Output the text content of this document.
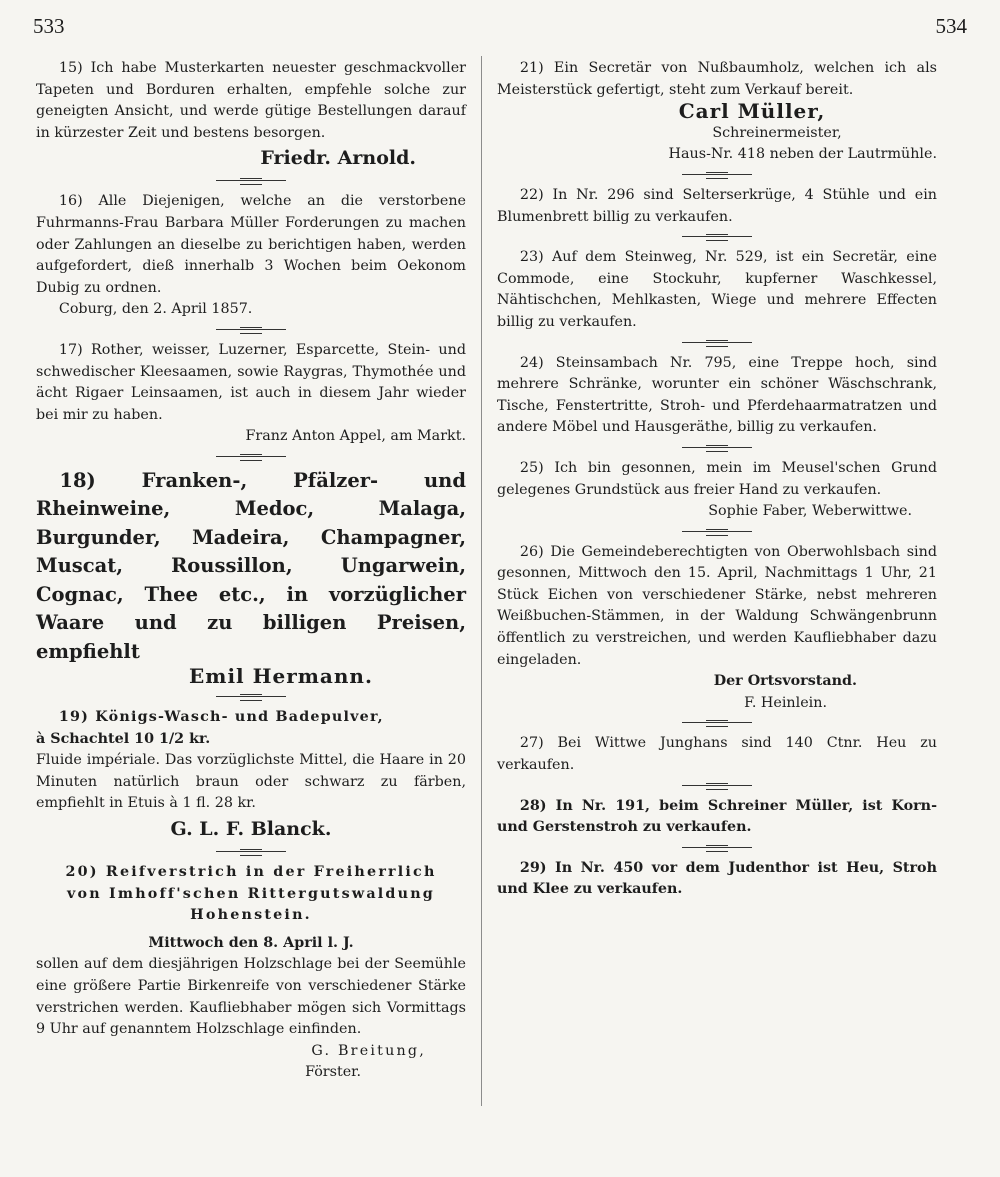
533	534

15) Ich habe Musterkarten neuester geschmackvoller Tapeten und Borduren erhalten, empfehle solche zur geneigten Ansicht, und werde gütige Bestellungen darauf in kürzester Zeit und bestens besorgen.

Friedr. Arnold.

16) Alle Diejenigen, welche an die verstorbene Fuhrmanns-Frau Barbara Müller Forderungen zu machen oder Zahlungen an dieselbe zu berichtigen haben, werden aufgefordert, dieß innerhalb 3 Wochen beim Oekonom Dubig zu ordnen.

Coburg, den 2. April 1857.

17) Rother, weisser, Luzerner, Esparcette, Stein- und schwedischer Kleesaamen, sowie Raygras, Thymothée und ächt Rigaer Leinsaamen, ist auch in diesem Jahr wieder bei mir zu haben.

Franz Anton Appel, am Markt.

18) Franken-, Pfälzer- und Rheinweine, Medoc, Malaga, Burgunder, Madeira, Champagner, Muscat, Roussillon, Ungarwein, Cognac, Thee etc., in vorzüglicher Waare und zu billigen Preisen, empfiehlt

Emil Hermann.

19) Königs-Wasch- und Badepulver,

à Schachtel 10 1/2 kr.

Fluide impériale. Das vorzüglichste Mittel, die Haare in 20 Minuten natürlich braun oder schwarz zu färben, empfiehlt in Etuis à 1 fl. 28 kr.

G. L. F. Blanck.
20) Reifverstrich in der Freiherrlich
von Imhoff'schen Rittergutswaldung
Hohenstein.
Mittwoch den 8. April l. J.

sollen auf dem diesjährigen Holzschlage bei der Seemühle eine größere Partie Birkenreife von verschiedener Stärke verstrichen werden. Kaufliebhaber mögen sich Vormittags 9 Uhr auf genanntem Holzschlage einfinden.

G. Breitung,
Förster.

21) Ein Secretär von Nußbaumholz, welchen ich als Meisterstück gefertigt, steht zum Verkauf bereit.

Carl Müller,
Schreinermeister,
Haus-Nr. 418 neben der Lautrmühle.

22) In Nr. 296 sind Selterserkrüge, 4 Stühle und ein Blumenbrett billig zu verkaufen.

23) Auf dem Steinweg, Nr. 529, ist ein Secretär, eine Commode, eine Stockuhr, kupferner Waschkessel, Nähtischchen, Mehlkasten, Wiege und mehrere Effecten billig zu verkaufen.

24) Steinsambach Nr. 795, eine Treppe hoch, sind mehrere Schränke, worunter ein schöner Wäschschrank, Tische, Fenstertritte, Stroh- und Pferdehaarmatratzen und andere Möbel und Hausgeräthe, billig zu verkaufen.

25) Ich bin gesonnen, mein im Meusel'schen Grund gelegenes Grundstück aus freier Hand zu verkaufen.

Sophie Faber, Weberwittwe.

26) Die Gemeindeberechtigten von Oberwohlsbach sind gesonnen, Mittwoch den 15. April, Nachmittags 1 Uhr, 21 Stück Eichen von verschiedener Stärke, nebst mehreren Weißbuchen-Stämmen, in der Waldung Schwängenbrunn öffentlich zu verstreichen, und werden Kaufliebhaber dazu eingeladen.

Der Ortsvorstand.
F. Heinlein.

27) Bei Wittwe Junghans sind 140 Ctnr. Heu zu verkaufen.

28) In Nr. 191, beim Schreiner Müller, ist Korn- und Gerstenstroh zu verkaufen.

29) In Nr. 450 vor dem Judenthor ist Heu, Stroh und Klee zu verkaufen.
